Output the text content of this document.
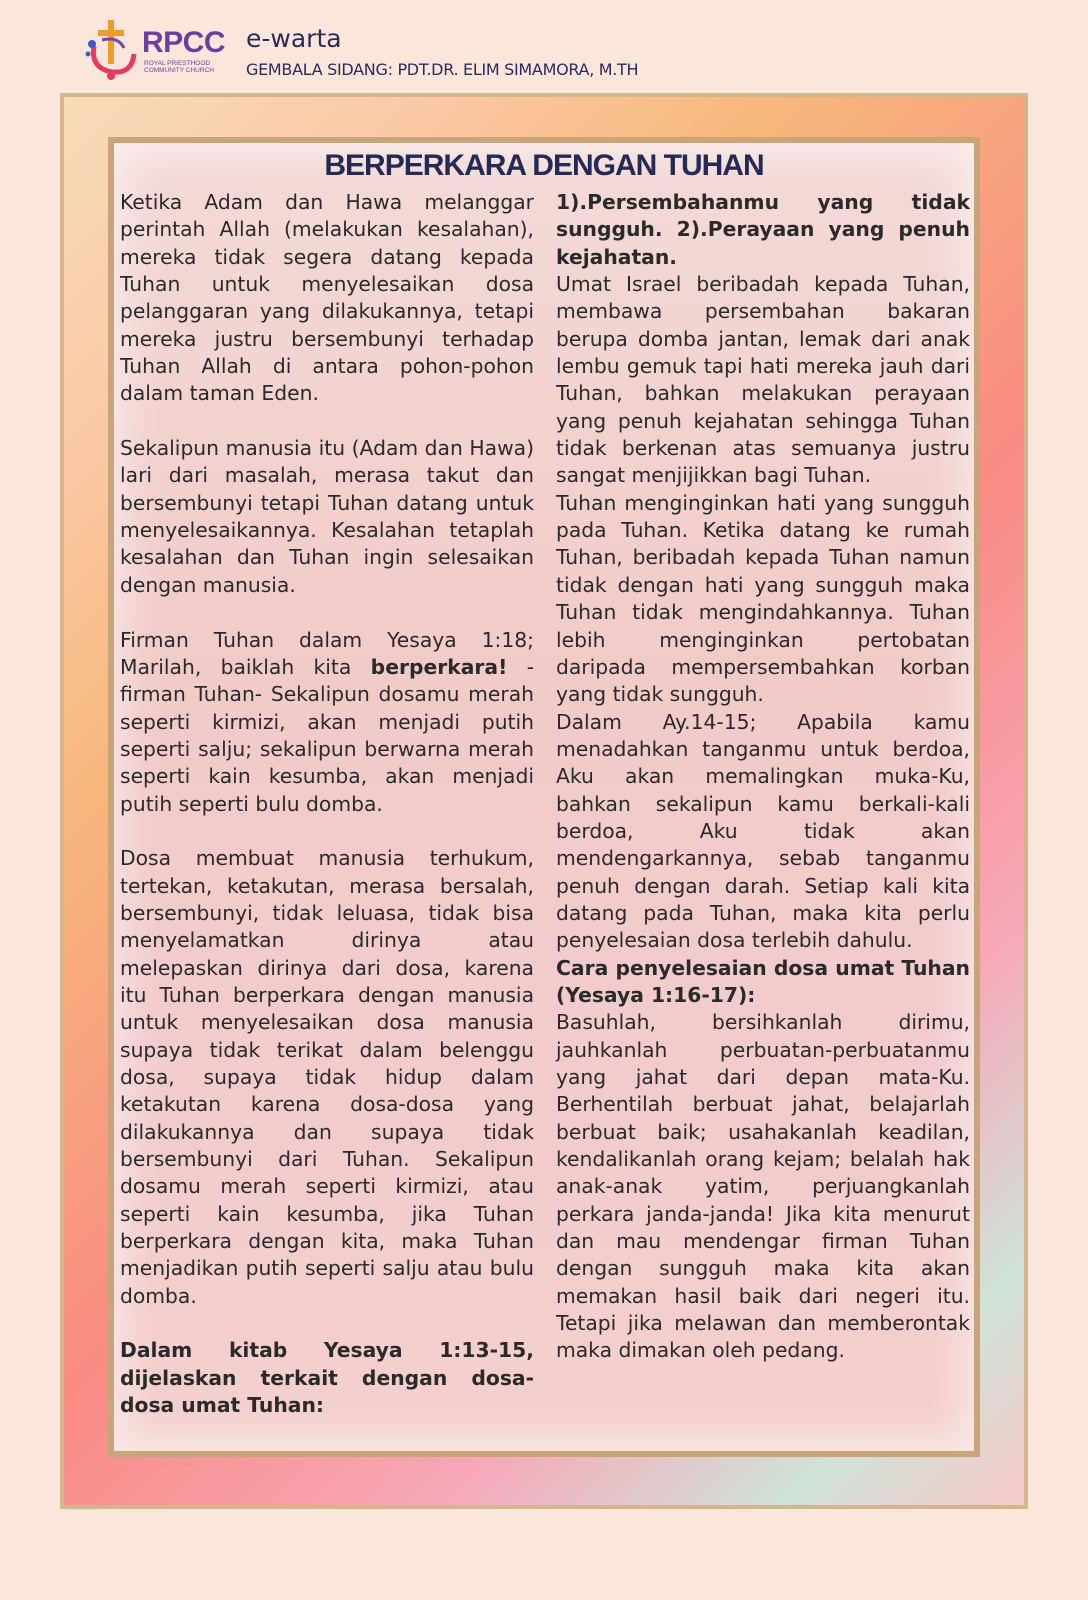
RPCC
ROYAL PRIESTHOOD COMMUNITY CHURCH
e-warta
GEMBALA SIDANG: PDT.DR. ELIM SIMAMORA, M.TH
BERPERKARA DENGAN TUHAN

Ketika Adam dan Hawa melanggar perintah Allah (melakukan kesalahan), mereka tidak segera datang kepada Tuhan untuk menyelesaikan dosa pelanggaran yang dilakukannya, tetapi mereka justru bersembunyi terhadap Tuhan Allah di antara pohon-pohon dalam taman Eden.

Sekalipun manusia itu (Adam dan Hawa) lari dari masalah, merasa takut dan bersembunyi tetapi Tuhan datang untuk menyelesaikannya. Kesalahan tetaplah kesalahan dan Tuhan ingin selesaikan dengan manusia.

Firman Tuhan dalam Yesaya 1:18; Marilah, baiklah kita berperkara! -firman Tuhan- Sekalipun dosamu merah seperti kirmizi, akan menjadi putih seperti salju; sekalipun berwarna merah seperti kain kesumba, akan menjadi putih seperti bulu domba.

Dosa membuat manusia terhukum, tertekan, ketakutan, merasa bersalah, bersembunyi, tidak leluasa, tidak bisa menyelamatkan dirinya atau melepaskan dirinya dari dosa, karena itu Tuhan berperkara dengan manusia untuk menyelesaikan dosa manusia supaya tidak terikat dalam belenggu dosa, supaya tidak hidup dalam ketakutan karena dosa-dosa yang dilakukannya dan supaya tidak bersembunyi dari Tuhan. Sekalipun dosamu merah seperti kirmizi, atau seperti kain kesumba, jika Tuhan berperkara dengan kita, maka Tuhan menjadikan putih seperti salju atau bulu domba.

Dalam kitab Yesaya 1:13-15, dijelaskan terkait dengan dosa-dosa umat Tuhan:

1).Persembahanmu yang tidak sungguh. 2).Perayaan yang penuh kejahatan.

Umat Israel beribadah kepada Tuhan, membawa persembahan bakaran berupa domba jantan, lemak dari anak lembu gemuk tapi hati mereka jauh dari Tuhan, bahkan melakukan perayaan yang penuh kejahatan sehingga Tuhan tidak berkenan atas semuanya justru sangat menjijikkan bagi Tuhan.

Tuhan menginginkan hati yang sungguh pada Tuhan. Ketika datang ke rumah Tuhan, beribadah kepada Tuhan namun tidak dengan hati yang sungguh maka Tuhan tidak mengindahkannya. Tuhan lebih menginginkan pertobatan daripada mempersembahkan korban yang tidak sungguh.

Dalam Ay.14-15; Apabila kamu menadahkan tanganmu untuk berdoa, Aku akan memalingkan muka-Ku, bahkan sekalipun kamu berkali-kali berdoa, Aku tidak akan mendengarkannya, sebab tanganmu penuh dengan darah. Setiap kali kita datang pada Tuhan, maka kita perlu penyelesaian dosa terlebih dahulu.

Cara penyelesaian dosa umat Tuhan (Yesaya 1:16-17):

Basuhlah, bersihkanlah dirimu, jauhkanlah perbuatan-perbuatanmu yang jahat dari depan mata-Ku. Berhentilah berbuat jahat, belajarlah berbuat baik; usahakanlah keadilan, kendalikanlah orang kejam; belalah hak anak-anak yatim, perjuangkanlah perkara janda-janda! Jika kita menurut dan mau mendengar firman Tuhan dengan sungguh maka kita akan memakan hasil baik dari negeri itu. Tetapi jika melawan dan memberontak maka dimakan oleh pedang.
